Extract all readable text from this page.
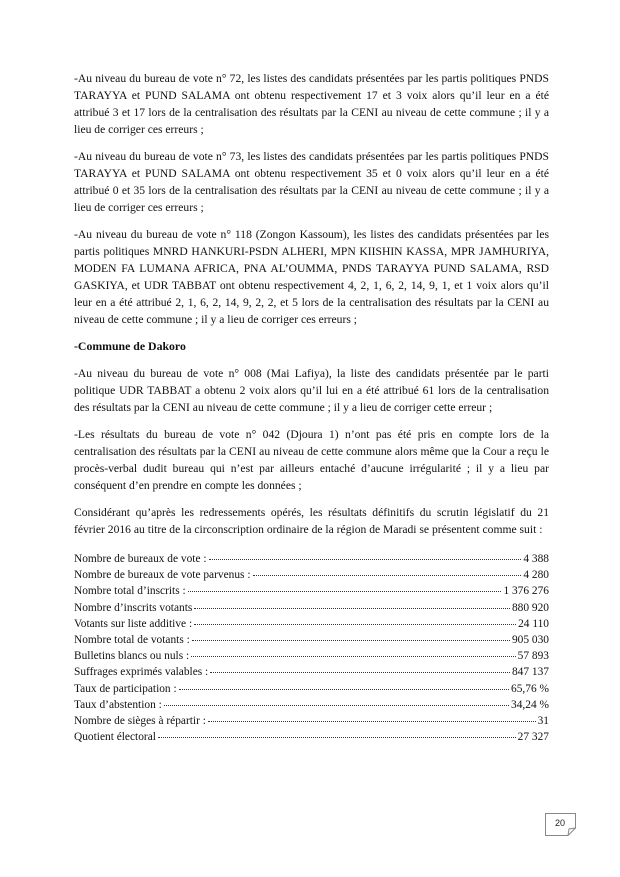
-Au niveau du bureau de vote n° 72, les listes des candidats présentées par les partis politiques PNDS TARAYYA et PUND SALAMA ont obtenu respectivement 17 et 3 voix alors qu’il leur en a été attribué 3 et 17 lors de la centralisation des résultats par la CENI au niveau de cette commune ; il y a lieu de corriger ces erreurs ;

-Au niveau du bureau de vote n° 73, les listes des candidats présentées par les partis politiques PNDS TARAYYA et PUND SALAMA ont obtenu respectivement 35 et 0 voix alors qu’il leur en a été attribué 0 et 35 lors de la centralisation des résultats par la CENI au niveau de cette commune ; il y a lieu de corriger ces erreurs ;

-Au niveau du bureau de vote n° 118 (Zongon Kassoum), les listes des candidats présentées par les partis politiques MNRD HANKURI-PSDN ALHERI, MPN KIISHIN KASSA, MPR JAMHURIYA, MODEN FA LUMANA AFRICA, PNA AL’OUMMA, PNDS TARAYYA PUND SALAMA, RSD GASKIYA, et UDR TABBAT ont obtenu respectivement 4, 2, 1, 6, 2, 14, 9, 1, et 1 voix alors qu’il leur en a été attribué 2, 1, 6, 2, 14, 9, 2, 2, et 5 lors de la centralisation des résultats par la CENI au niveau de cette commune ; il y a lieu de corriger ces erreurs ;

-Commune de Dakoro

-Au niveau du bureau de vote n° 008 (Mai Lafiya), la liste des candidats présentée par le parti politique UDR TABBAT a obtenu 2 voix alors qu’il lui en a été attribué 61 lors de la centralisation des résultats par la CENI au niveau de cette commune ; il y a lieu de corriger cette erreur ;

-Les résultats du bureau de vote n° 042 (Djoura 1) n’ont pas été pris en compte lors de la centralisation des résultats par la CENI au niveau de cette commune alors même que la Cour a reçu le procès-verbal dudit bureau qui n’est par ailleurs entaché d’aucune irrégularité ; il y a lieu par conséquent d’en prendre en compte les données ;

Considérant qu’après les redressements opérés, les résultats définitifs du scrutin législatif du 21 février 2016 au titre de la circonscription ordinaire de la région de Maradi se présentent comme suit :

Nombre de bureaux de vote :	4 388
Nombre de bureaux de vote parvenus :	4 280
Nombre total d’inscrits :	1 376 276
Nombre d’inscrits votants	880 920
Votants sur liste additive :	24 110
Nombre total de votants :	905 030
Bulletins blancs ou nuls :	57 893
Suffrages exprimés valables :	847 137
Taux de participation :	65,76 %
Taux d’abstention :	34,24 %
Nombre de sièges à répartir :	31
Quotient électoral	27 327
20
